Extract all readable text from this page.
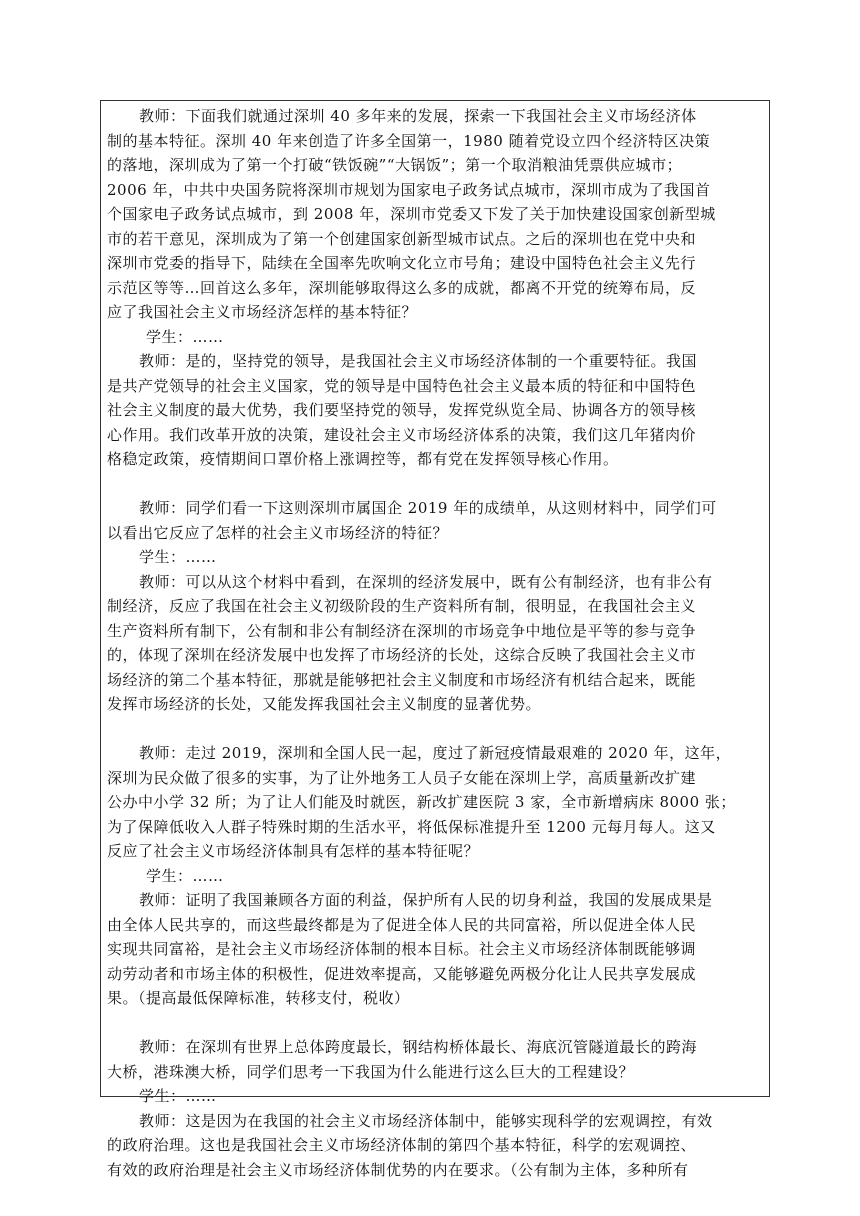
教师：下面我们就通过深圳 40 多年来的发展，探索一下我国社会主义市场经济体
制的基本特征。深圳 40 年来创造了许多全国第一，1980 随着党设立四个经济特区决策
的落地，深圳成为了第一个打破“铁饭碗”“大锅饭”；第一个取消粮油凭票供应城市；
2006 年，中共中央国务院将深圳市规划为国家电子政务试点城市，深圳市成为了我国首
个国家电子政务试点城市，到 2008 年，深圳市党委又下发了关于加快建设国家创新型城
市的若干意见，深圳成为了第一个创建国家创新型城市试点。之后的深圳也在党中央和
深圳市党委的指导下，陆续在全国率先吹响文化立市号角；建设中国特色社会主义先行
示范区等等…回首这么多年，深圳能够取得这么多的成就，都离不开党的统筹布局，反
应了我国社会主义市场经济怎样的基本特征？
学生：……
教师：是的，坚持党的领导，是我国社会主义市场经济体制的一个重要特征。我国
是共产党领导的社会主义国家，党的领导是中国特色社会主义最本质的特征和中国特色
社会主义制度的最大优势，我们要坚持党的领导，发挥党纵览全局、协调各方的领导核
心作用。我们改革开放的决策，建设社会主义市场经济体系的决策，我们这几年猪肉价
格稳定政策，疫情期间口罩价格上涨调控等，都有党在发挥领导核心作用。
教师：同学们看一下这则深圳市属国企 2019 年的成绩单，从这则材料中，同学们可
以看出它反应了怎样的社会主义市场经济的特征？
学生：……
教师：可以从这个材料中看到，在深圳的经济发展中，既有公有制经济，也有非公有
制经济，反应了我国在社会主义初级阶段的生产资料所有制，很明显，在我国社会主义
生产资料所有制下，公有制和非公有制经济在深圳的市场竞争中地位是平等的参与竞争
的，体现了深圳在经济发展中也发挥了市场经济的长处，这综合反映了我国社会主义市
场经济的第二个基本特征，那就是能够把社会主义制度和市场经济有机结合起来，既能
发挥市场经济的长处，又能发挥我国社会主义制度的显著优势。
教师：走过 2019，深圳和全国人民一起，度过了新冠疫情最艰难的 2020 年，这年，
深圳为民众做了很多的实事，为了让外地务工人员子女能在深圳上学，高质量新改扩建
公办中小学 32 所；为了让人们能及时就医，新改扩建医院 3 家，全市新增病床 8000 张；
为了保障低收入人群子特殊时期的生活水平，将低保标准提升至 1200 元每月每人。这又
反应了社会主义市场经济体制具有怎样的基本特征呢？
学生：……
教师：证明了我国兼顾各方面的利益，保护所有人民的切身利益，我国的发展成果是
由全体人民共享的，而这些最终都是为了促进全体人民的共同富裕，所以促进全体人民
实现共同富裕，是社会主义市场经济体制的根本目标。社会主义市场经济体制既能够调
动劳动者和市场主体的积极性，促进效率提高，又能够避免两极分化让人民共享发展成
果。（提高最低保障标准，转移支付，税收）
教师：在深圳有世界上总体跨度最长，钢结构桥体最长、海底沉管隧道最长的跨海
大桥，港珠澳大桥，同学们思考一下我国为什么能进行这么巨大的工程建设？
学生：……
教师：这是因为在我国的社会主义市场经济体制中，能够实现科学的宏观调控，有效
的政府治理。这也是我国社会主义市场经济体制的第四个基本特征，科学的宏观调控、
有效的政府治理是社会主义市场经济体制优势的内在要求。（公有制为主体，多种所有
